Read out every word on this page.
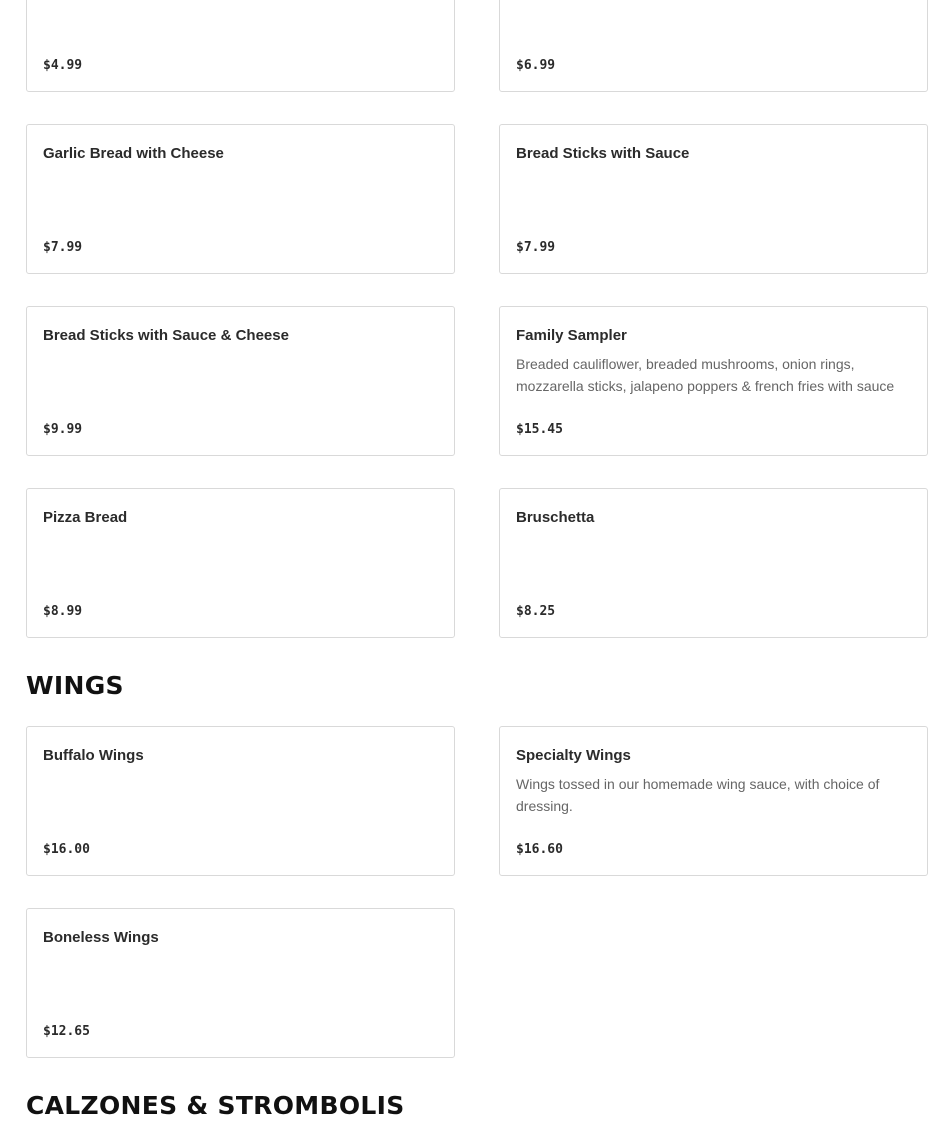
$4.99	$6.99
Garlic Bread with Cheese
$7.99
Bread Sticks with Sauce
$7.99
Bread Sticks with Sauce & Cheese
$9.99
Family Sampler
Breaded cauliflower, breaded mushrooms, onion rings, mozzarella sticks, jalapeno poppers & french fries with sauce
$15.45
Pizza Bread
$8.99
Bruschetta
$8.25
WINGS
Buffalo Wings
$16.00
Specialty Wings
Wings tossed in our homemade wing sauce, with choice of dressing.
$16.60
Boneless Wings
$12.65
CALZONES & STROMBOLIS
